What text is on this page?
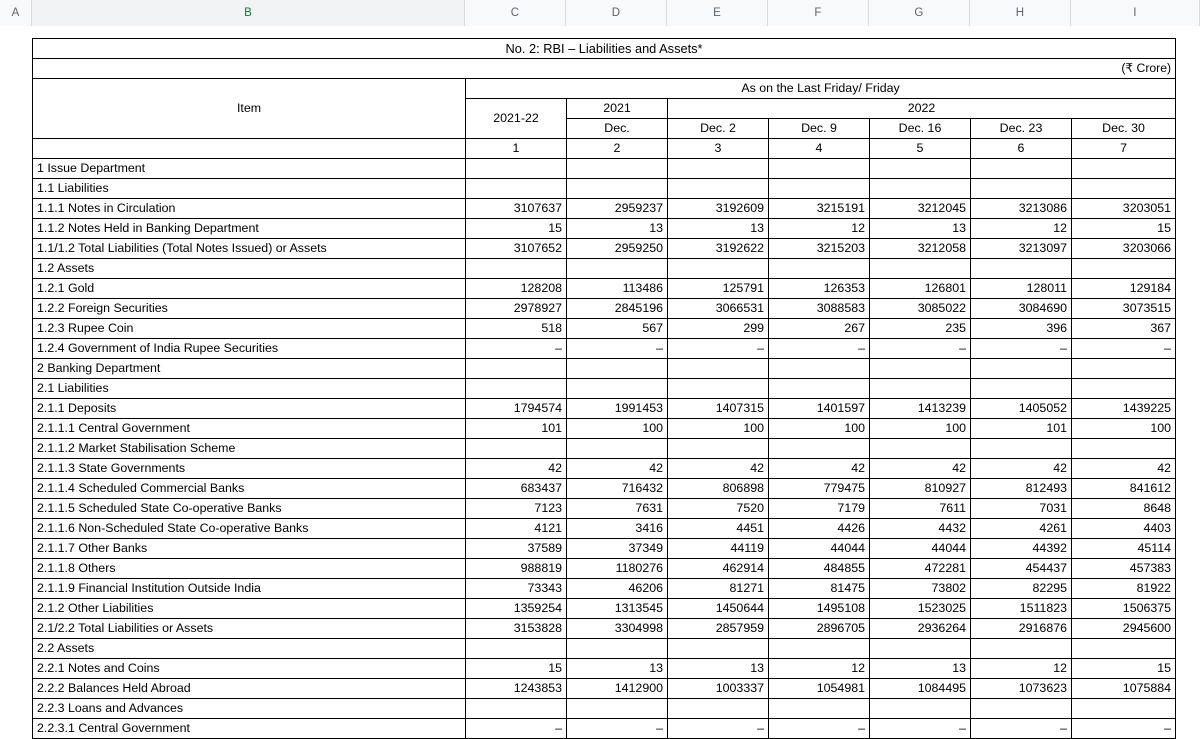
A	B	C	D	E	F	G	H	I
No. 2: RBI – Liabilities and Assets*							
(₹ Crore)							
Item	As on the Last Friday/ Friday						
	2021-22	2021	2022				
		Dec.	Dec. 2	Dec. 9	Dec. 16	Dec. 23	Dec. 30
	1	2	3	4	5	6	7
1 Issue Department							
1.1 Liabilities							
1.1.1 Notes in Circulation	3107637	2959237	3192609	3215191	3212045	3213086	3203051
1.1.2 Notes Held in Banking Department	15	13	13	12	13	12	15
1.1/1.2 Total Liabilities (Total Notes Issued) or Assets	3107652	2959250	3192622	3215203	3212058	3213097	3203066
1.2 Assets							
1.2.1 Gold	128208	113486	125791	126353	126801	128011	129184
1.2.2 Foreign Securities	2978927	2845196	3066531	3088583	3085022	3084690	3073515
1.2.3 Rupee Coin	518	567	299	267	235	396	367
1.2.4 Government of India Rupee Securities	–	–	–	–	–	–	–
2 Banking Department							
2.1 Liabilities							
2.1.1 Deposits	1794574	1991453	1407315	1401597	1413239	1405052	1439225
2.1.1.1 Central Government	101	100	100	100	100	101	100
2.1.1.2 Market Stabilisation Scheme							
2.1.1.3 State Governments	42	42	42	42	42	42	42
2.1.1.4 Scheduled Commercial Banks	683437	716432	806898	779475	810927	812493	841612
2.1.1.5 Scheduled State Co-operative Banks	7123	7631	7520	7179	7611	7031	8648
2.1.1.6 Non-Scheduled State Co-operative Banks	4121	3416	4451	4426	4432	4261	4403
2.1.1.7 Other Banks	37589	37349	44119	44044	44044	44392	45114
2.1.1.8 Others	988819	1180276	462914	484855	472281	454437	457383
2.1.1.9 Financial Institution Outside India	73343	46206	81271	81475	73802	82295	81922
2.1.2 Other Liabilities	1359254	1313545	1450644	1495108	1523025	1511823	1506375
2.1/2.2 Total Liabilities or Assets	3153828	3304998	2857959	2896705	2936264	2916876	2945600
2.2 Assets							
2.2.1 Notes and Coins	15	13	13	12	13	12	15
2.2.2 Balances Held Abroad	1243853	1412900	1003337	1054981	1084495	1073623	1075884
2.2.3 Loans and Advances							
2.2.3.1 Central Government	–	–	–	–	–	–	–
